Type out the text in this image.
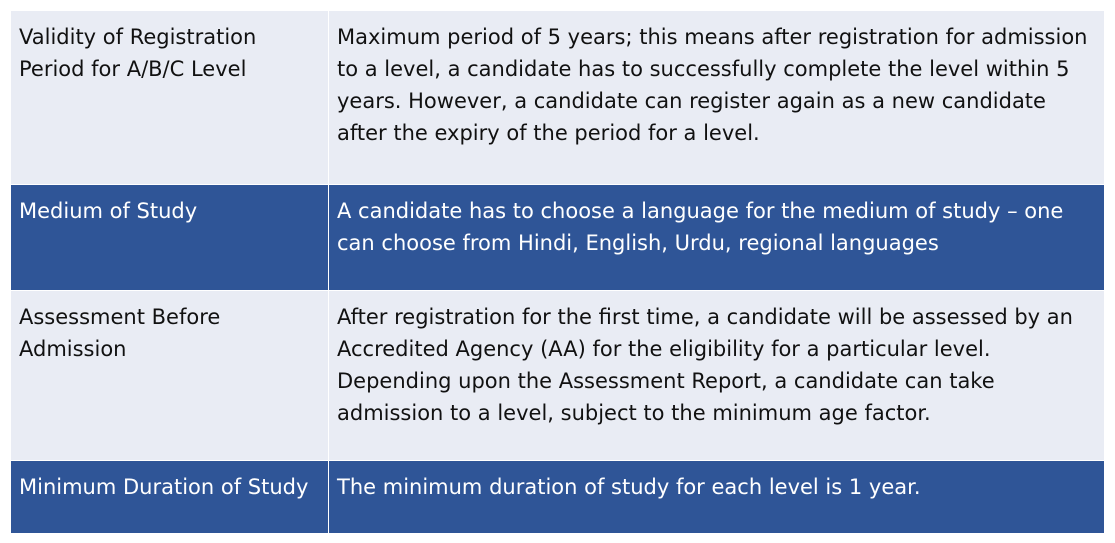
Validity of Registration Period for A/B/C Level	Maximum period of 5 years; this means after registration for admission to a level, a candidate has to successfully complete the level within 5 years. However, a candidate can register again as a new candidate after the expiry of the period for a level.
Medium of Study	A candidate has to choose a language for the medium of study – one can choose from Hindi, English, Urdu, regional languages
Assessment Before Admission	After registration for the first time, a candidate will be assessed by an Accredited Agency (AA) for the eligibility for a particular level. Depending upon the Assessment Report, a candidate can take admission to a level, subject to the minimum age factor.
Minimum Duration of Study	The minimum duration of study for each level is 1 year.
